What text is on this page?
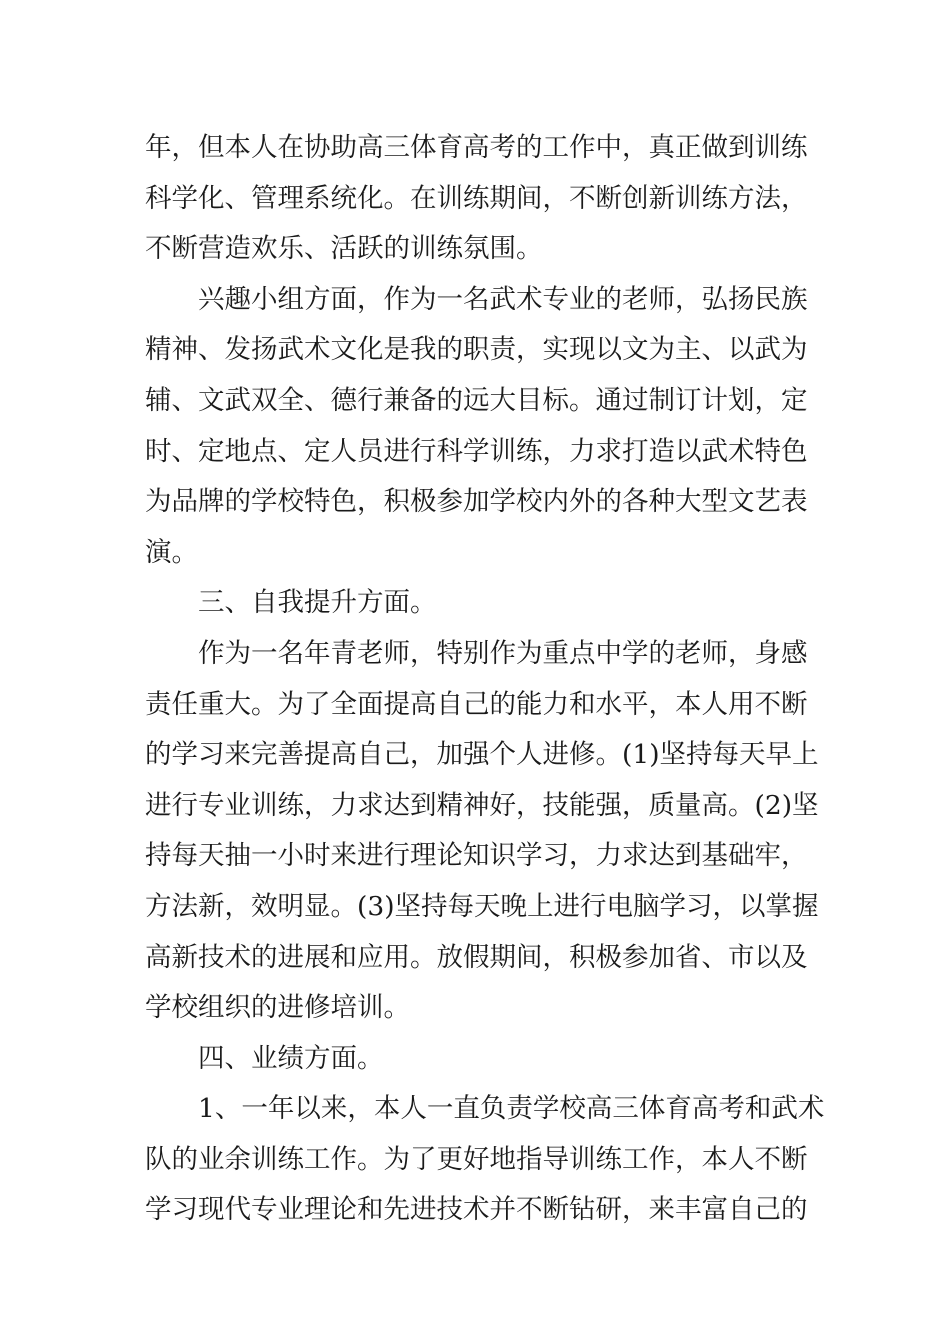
年，但本人在协助高三体育高考的工作中，真正做到训练
科学化、管理系统化。在训练期间，不断创新训练方法，
不断营造欢乐、活跃的训练氛围。
兴趣小组方面，作为一名武术专业的老师，弘扬民族
精神、发扬武术文化是我的职责，实现以文为主、以武为
辅、文武双全、德行兼备的远大目标。通过制订计划，定
时、定地点、定人员进行科学训练，力求打造以武术特色
为品牌的学校特色，积极参加学校内外的各种大型文艺表
演。
三、自我提升方面。
作为一名年青老师，特别作为重点中学的老师，身感
责任重大。为了全面提高自己的能力和水平，本人用不断
的学习来完善提高自己，加强个人进修。(1)坚持每天早上
进行专业训练，力求达到精神好，技能强，质量高。(2)坚
持每天抽一小时来进行理论知识学习，力求达到基础牢，
方法新，效明显。(3)坚持每天晚上进行电脑学习，以掌握
高新技术的进展和应用。放假期间，积极参加省、市以及
学校组织的进修培训。
四、业绩方面。
1、一年以来，本人一直负责学校高三体育高考和武术
队的业余训练工作。为了更好地指导训练工作，本人不断
学习现代专业理论和先进技术并不断钻研，来丰富自己的
